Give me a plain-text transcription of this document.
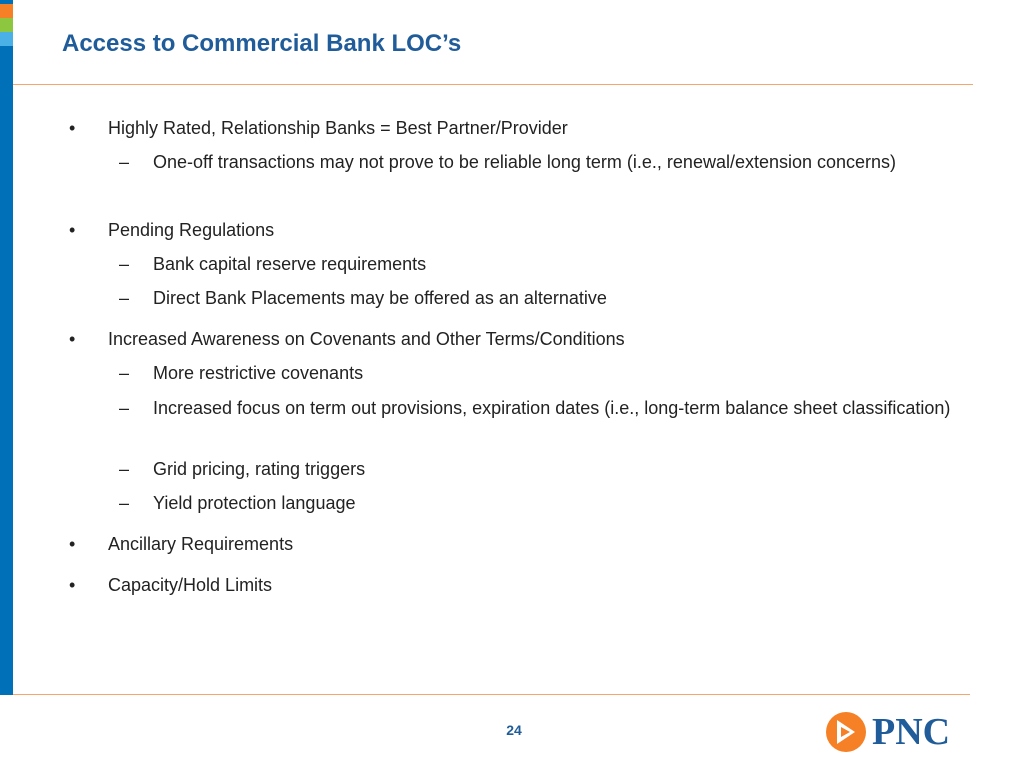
Access to Commercial Bank LOC’s
• Highly Rated, Relationship Banks = Best Partner/Provider
– One-off transactions may not prove to be reliable long term (i.e., renewal/extension concerns)
• Pending Regulations
– Bank capital reserve requirements
– Direct Bank Placements may be offered as an alternative
• Increased Awareness on Covenants and Other Terms/Conditions
– More restrictive covenants
– Increased focus on term out provisions, expiration dates (i.e., long-term balance sheet classification)
– Grid pricing, rating triggers
– Yield protection language
• Ancillary Requirements
• Capacity/Hold Limits
24	PNC
